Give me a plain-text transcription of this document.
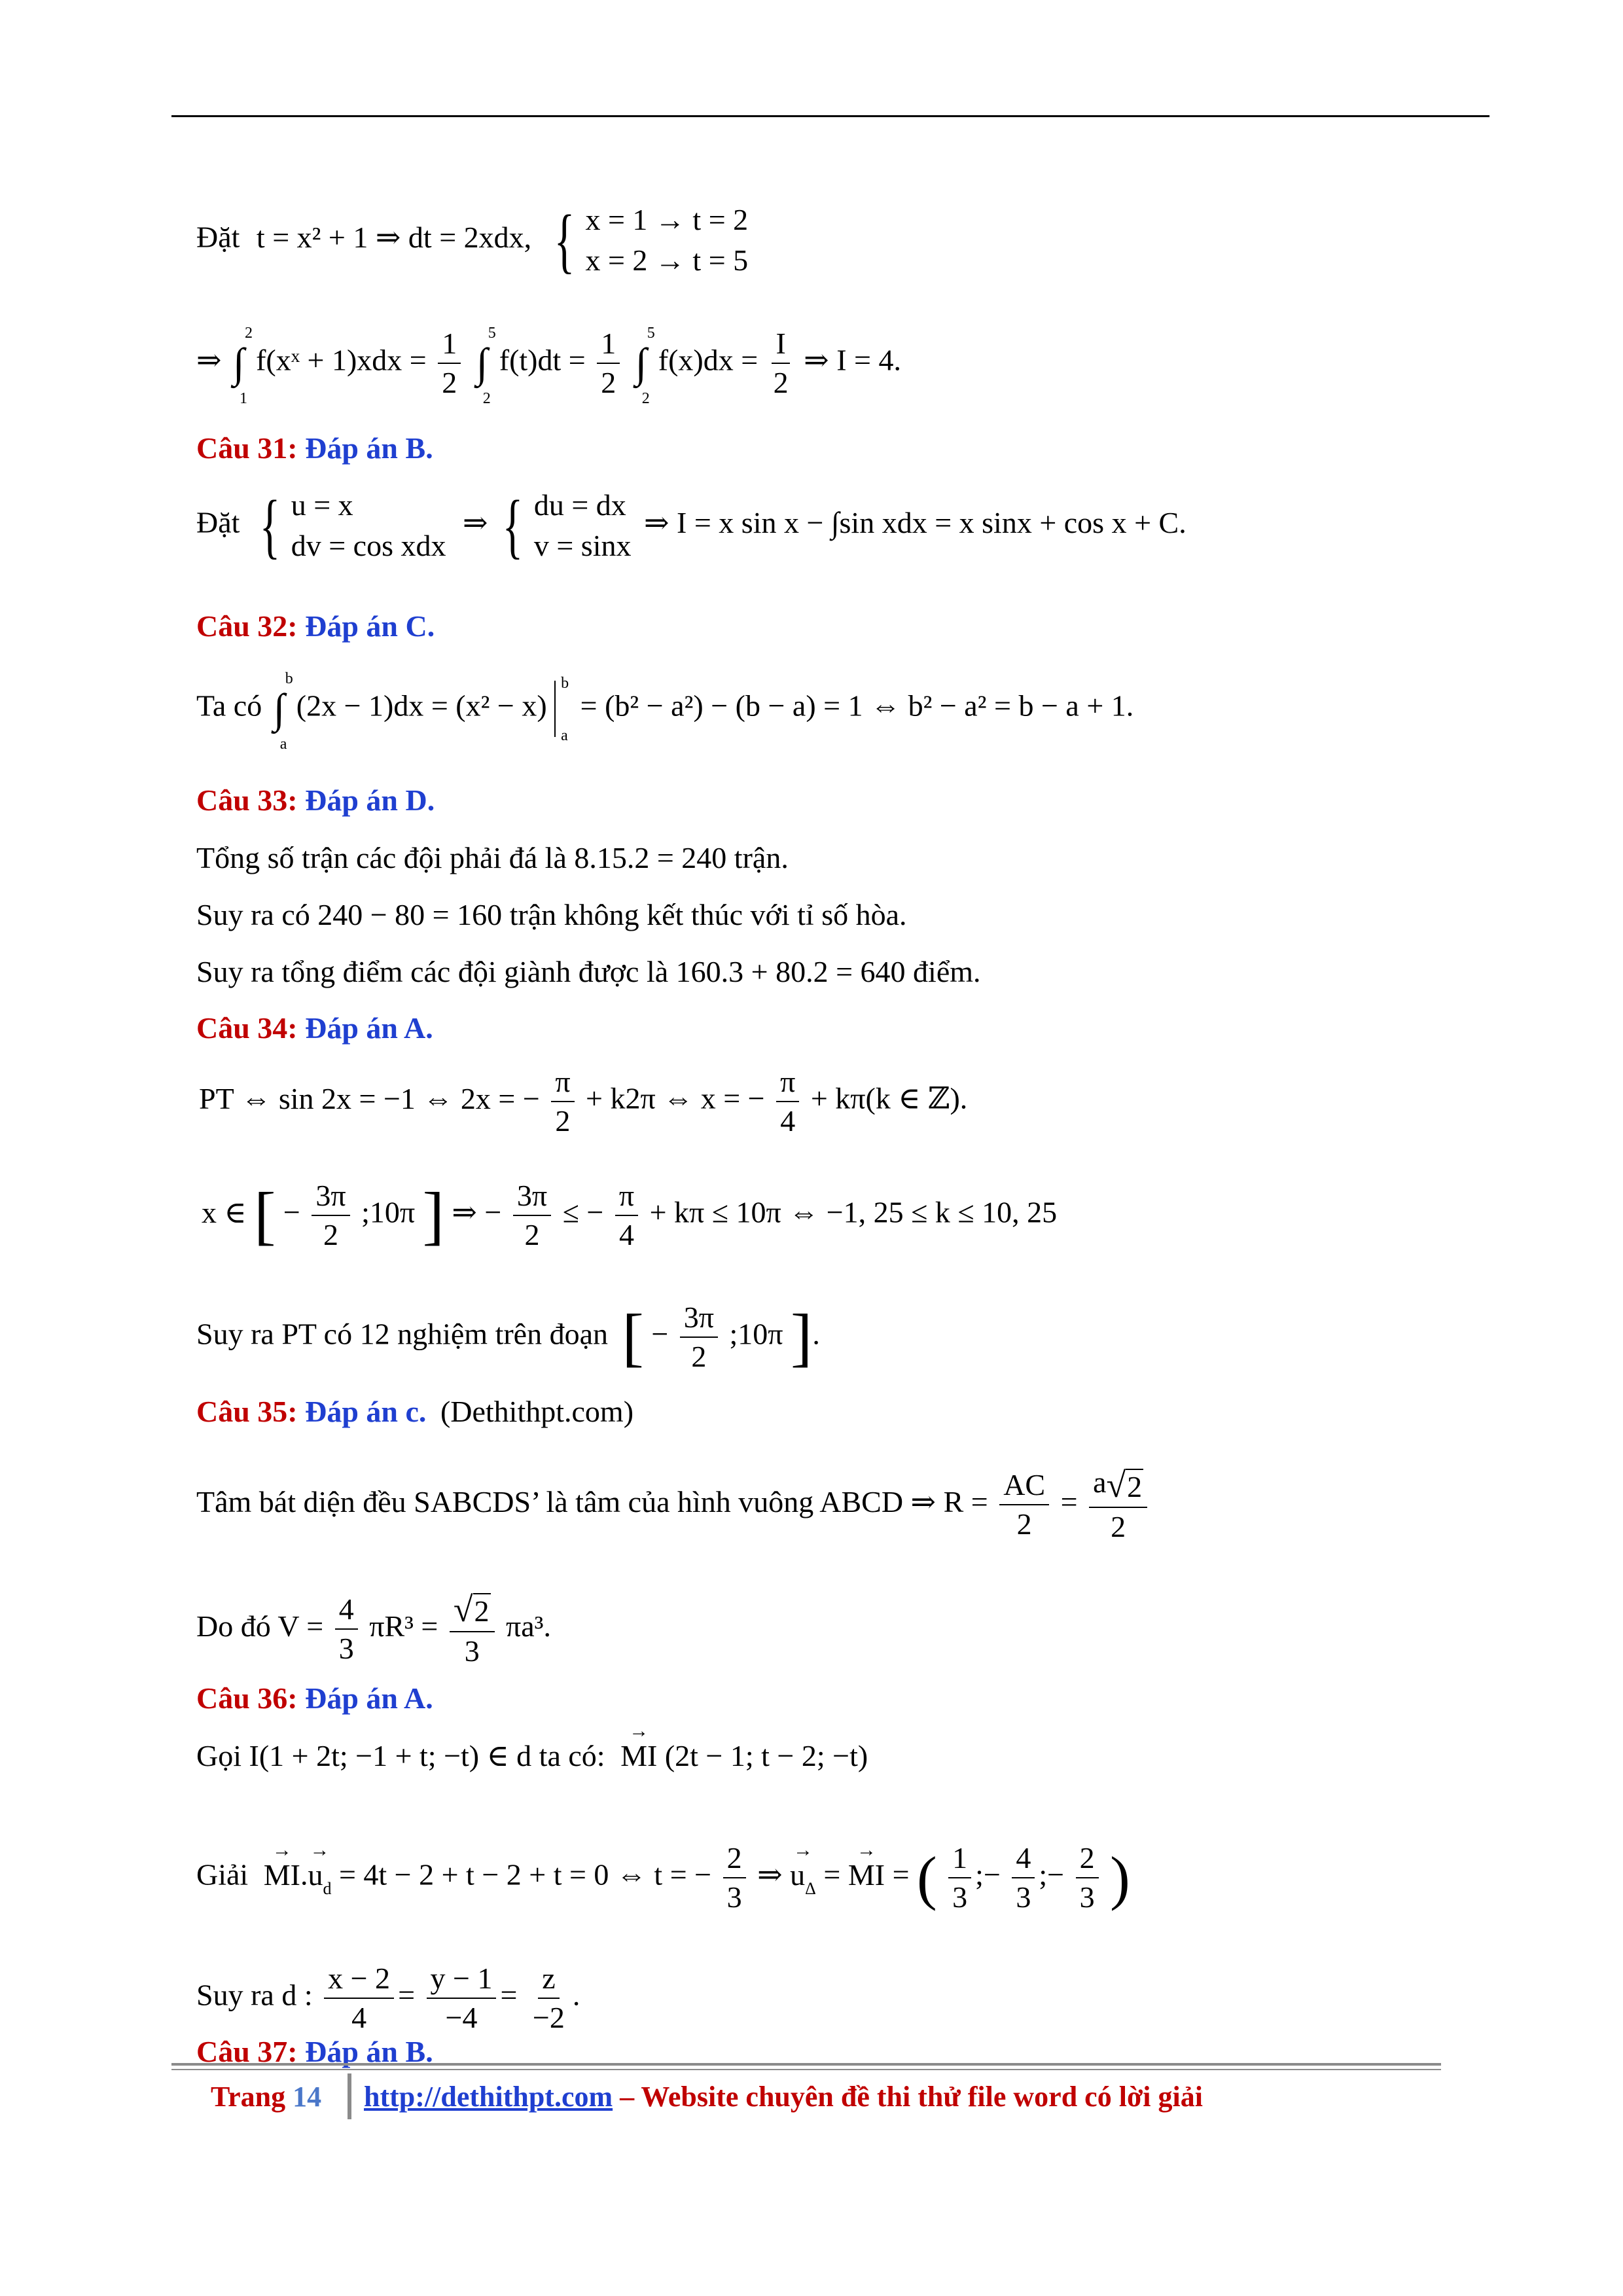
Đặt t = x² + 1 ⇒ dt = 2xdx, { x = 1 → t = 2
x = 2 → t = 5
⇒ ∫
2
1
f(xˣ + $1)xdx = \frac{1}{2}$ ∫
5
2
$f(t)dt = \frac{1}{2}$ ∫
5
2
$f(x)dx = \frac{I}{2}$ ⇒ I = 4.
Câu 31: Đáp án B.
Đặt { u = x
dv = cos xdx
⇒ { du = dx
v = sinx
⇒ I = x sin x − ∫sin xdx = x sinx + cos x + C.
Câu 32: Đáp án C.
Ta có ∫
b
a
(2x − 1)dx = (x² − x)
b
a
= (b² − a²) − (b − a) = 1 ⇔ b² − a² = b − a + 1.
Câu 33: Đáp án D.
Tổng số trận các đội phải đá là 8.15.2 = 240 trận.
Suy ra có 240 − 80 = 160 trận không kết thúc với tỉ số hòa.
Suy ra tổng điểm các đội giành được là 160.3 + 80.2 = 640 điểm.
Câu 34: Đáp án A.
PT ⇔ sin 2x = −1 ⇔ 2x = − $\frac{\pi}{2} + k2\pi$ ⇔ x = − $\frac{\pi}{4} + k\pi(k$ ∈ ℤ).
x ∈ [ − $\frac{3\pi}{2}$ ;10π ] ⇒ − $\frac{3\pi}{2}$ ≤ − $\frac{\pi}{4} + k\pi \le 10\pi$ ⇔ −1, 25 ≤ k ≤ 10, 25
Suy ra PT có 12 nghiệm trên đoạn [ − $\frac{3\pi}{2}$ ;10π ].
Câu 35: Đáp án c. (Dethithpt.com)
Tâm bát diện đều SABCDS’ là tâm của hình vuông ABCD ⇒ $R = \frac{AC}{2} = \frac{a√2}{2}$
Do đó $V = \frac{4}{3} \pi R^3 = \frac{√2}{3} \pi a^3$.
Câu 36: Đáp án A.
Gọi I(1 + 2t; −1 + t; −t) ∈ d ta có: → MI (2t − 1; t − 2; −t)
Giải → $MI.\to u_d = 4t - 2 + t - 2 + t = 0$ ⇔ t = − $\frac{2}{3}$ ⇒ → $u_\Delta$ = → MI = ( $\frac{1}{3}$ ;− $\frac{4}{3}$ ;− $\frac{2}{3}$ )
Suy ra d : $\frac{x - 2}{4} = \frac{y - 1}{-4} = \frac{z}{-2}$ .
Câu 37: Đáp án B.
Trang 14 http://dethithpt.com – Website chuyên đề thi thử file word có lời giải
